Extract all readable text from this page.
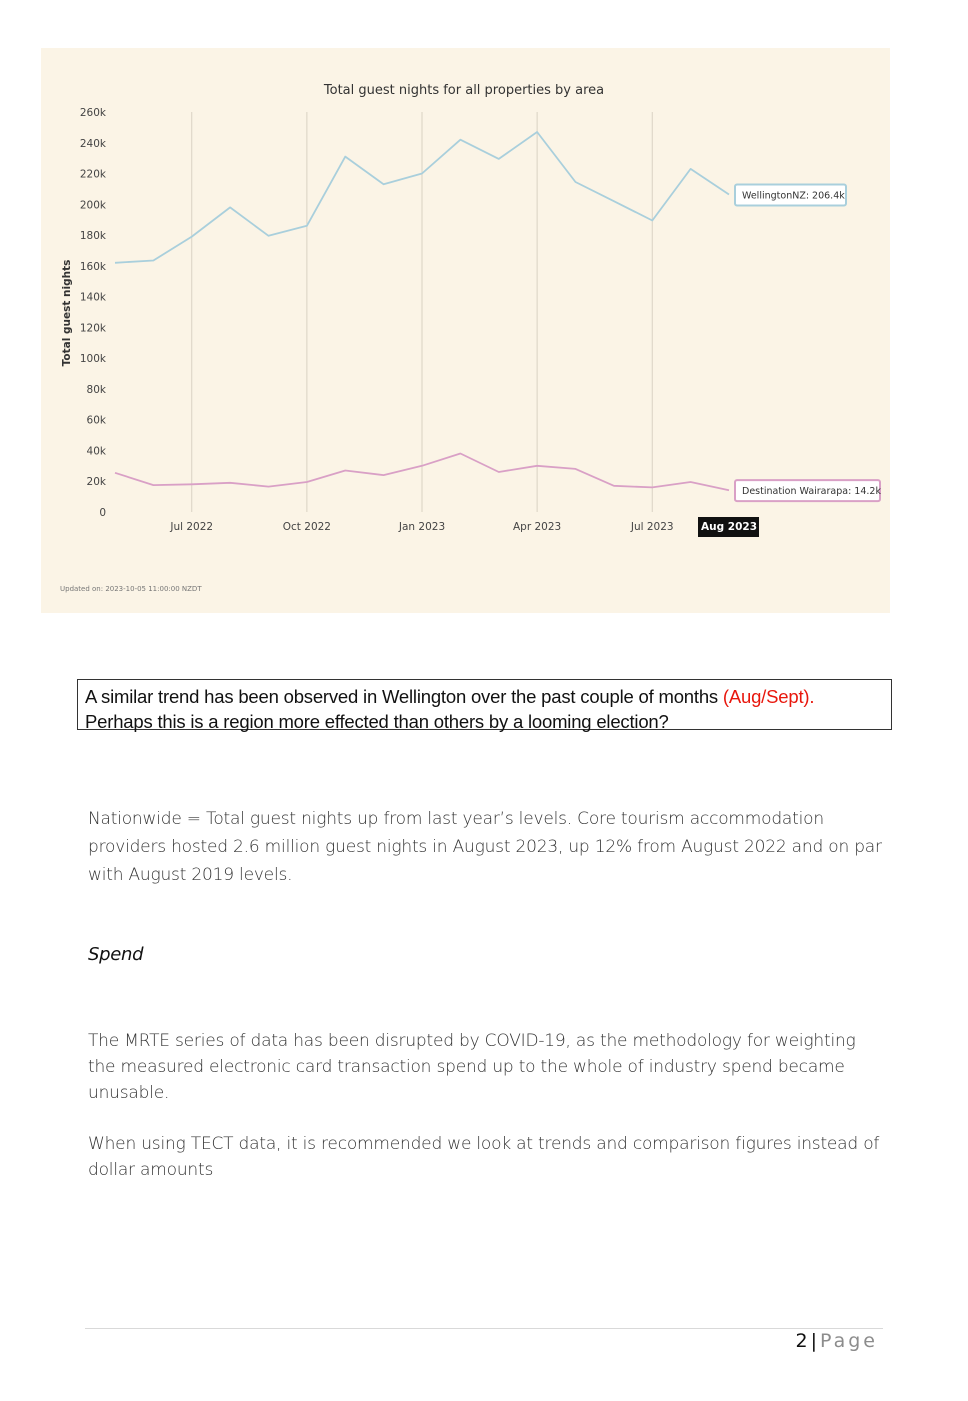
Total guest nights for all properties by area
Total guest nights
0
20k
40k
60k
80k
100k
120k
140k
160k
180k
200k
220k
240k
260k
Jul 2022	Oct 2022	Jan 2023	Apr 2023	Jul 2023
WellingtonNZ: 206.4k
Destination Wairarapa: 14.2k
Aug 2023
Updated on: 2023-10-05 11:00:00 NZDT
A similar trend has been observed in Wellington over the past couple of months (Aug/Sept).
Perhaps this is a region more effected than others by a looming election?
Nationwide = Total guest nights up from last year’s levels. Core tourism accommodation providers hosted 2.6 million guest nights in August 2023, up 12% from August 2022 and on par with August 2019 levels.
Spend
The MRTE series of data has been disrupted by COVID-19, as the methodology for weighting the measured electronic card transaction spend up to the whole of industry spend became unusable.
When using TECT data, it is recommended we look at trends and comparison figures instead of dollar amounts
2 | Page
